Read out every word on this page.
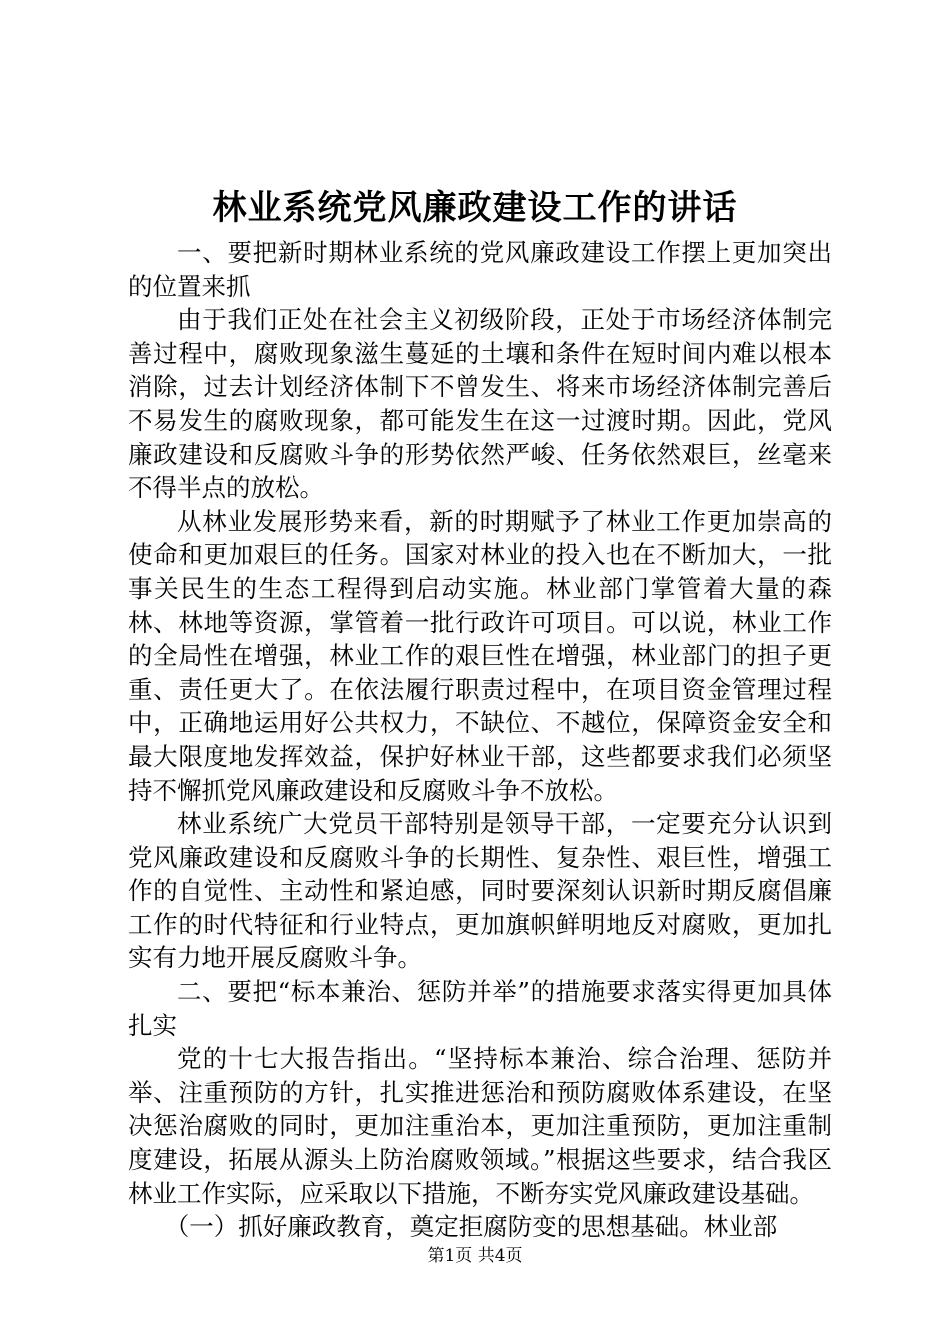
林业系统党风廉政建设工作的讲话

一、要把新时期林业系统的党风廉政建设工作摆上更加突出的位置来抓

由于我们正处在社会主义初级阶段，正处于市场经济体制完善过程中，腐败现象滋生蔓延的土壤和条件在短时间内难以根本消除，过去计划经济体制下不曾发生、将来市场经济体制完善后不易发生的腐败现象，都可能发生在这一过渡时期。因此，党风廉政建设和反腐败斗争的形势依然严峻、任务依然艰巨，丝毫来不得半点的放松。

从林业发展形势来看，新的时期赋予了林业工作更加崇高的使命和更加艰巨的任务。国家对林业的投入也在不断加大，一批事关民生的生态工程得到启动实施。林业部门掌管着大量的森林、林地等资源，掌管着一批行政许可项目。可以说，林业工作的全局性在增强，林业工作的艰巨性在增强，林业部门的担子更重、责任更大了。在依法履行职责过程中，在项目资金管理过程中，正确地运用好公共权力，不缺位、不越位，保障资金安全和最大限度地发挥效益，保护好林业干部，这些都要求我们必须坚持不懈抓党风廉政建设和反腐败斗争不放松。

林业系统广大党员干部特别是领导干部，一定要充分认识到党风廉政建设和反腐败斗争的长期性、复杂性、艰巨性，增强工作的自觉性、主动性和紧迫感，同时要深刻认识新时期反腐倡廉工作的时代特征和行业特点，更加旗帜鲜明地反对腐败，更加扎实有力地开展反腐败斗争。

二、要把“标本兼治、惩防并举”的措施要求落实得更加具体扎实

党的十七大报告指出。“坚持标本兼治、综合治理、惩防并举、注重预防的方针，扎实推进惩治和预防腐败体系建设，在坚决惩治腐败的同时，更加注重治本，更加注重预防，更加注重制度建设，拓展从源头上防治腐败领域。”根据这些要求，结合我区林业工作实际，应采取以下措施，不断夯实党风廉政建设基础。

（一）抓好廉政教育，奠定拒腐防变的思想基础。林业部

第1页 共4页
